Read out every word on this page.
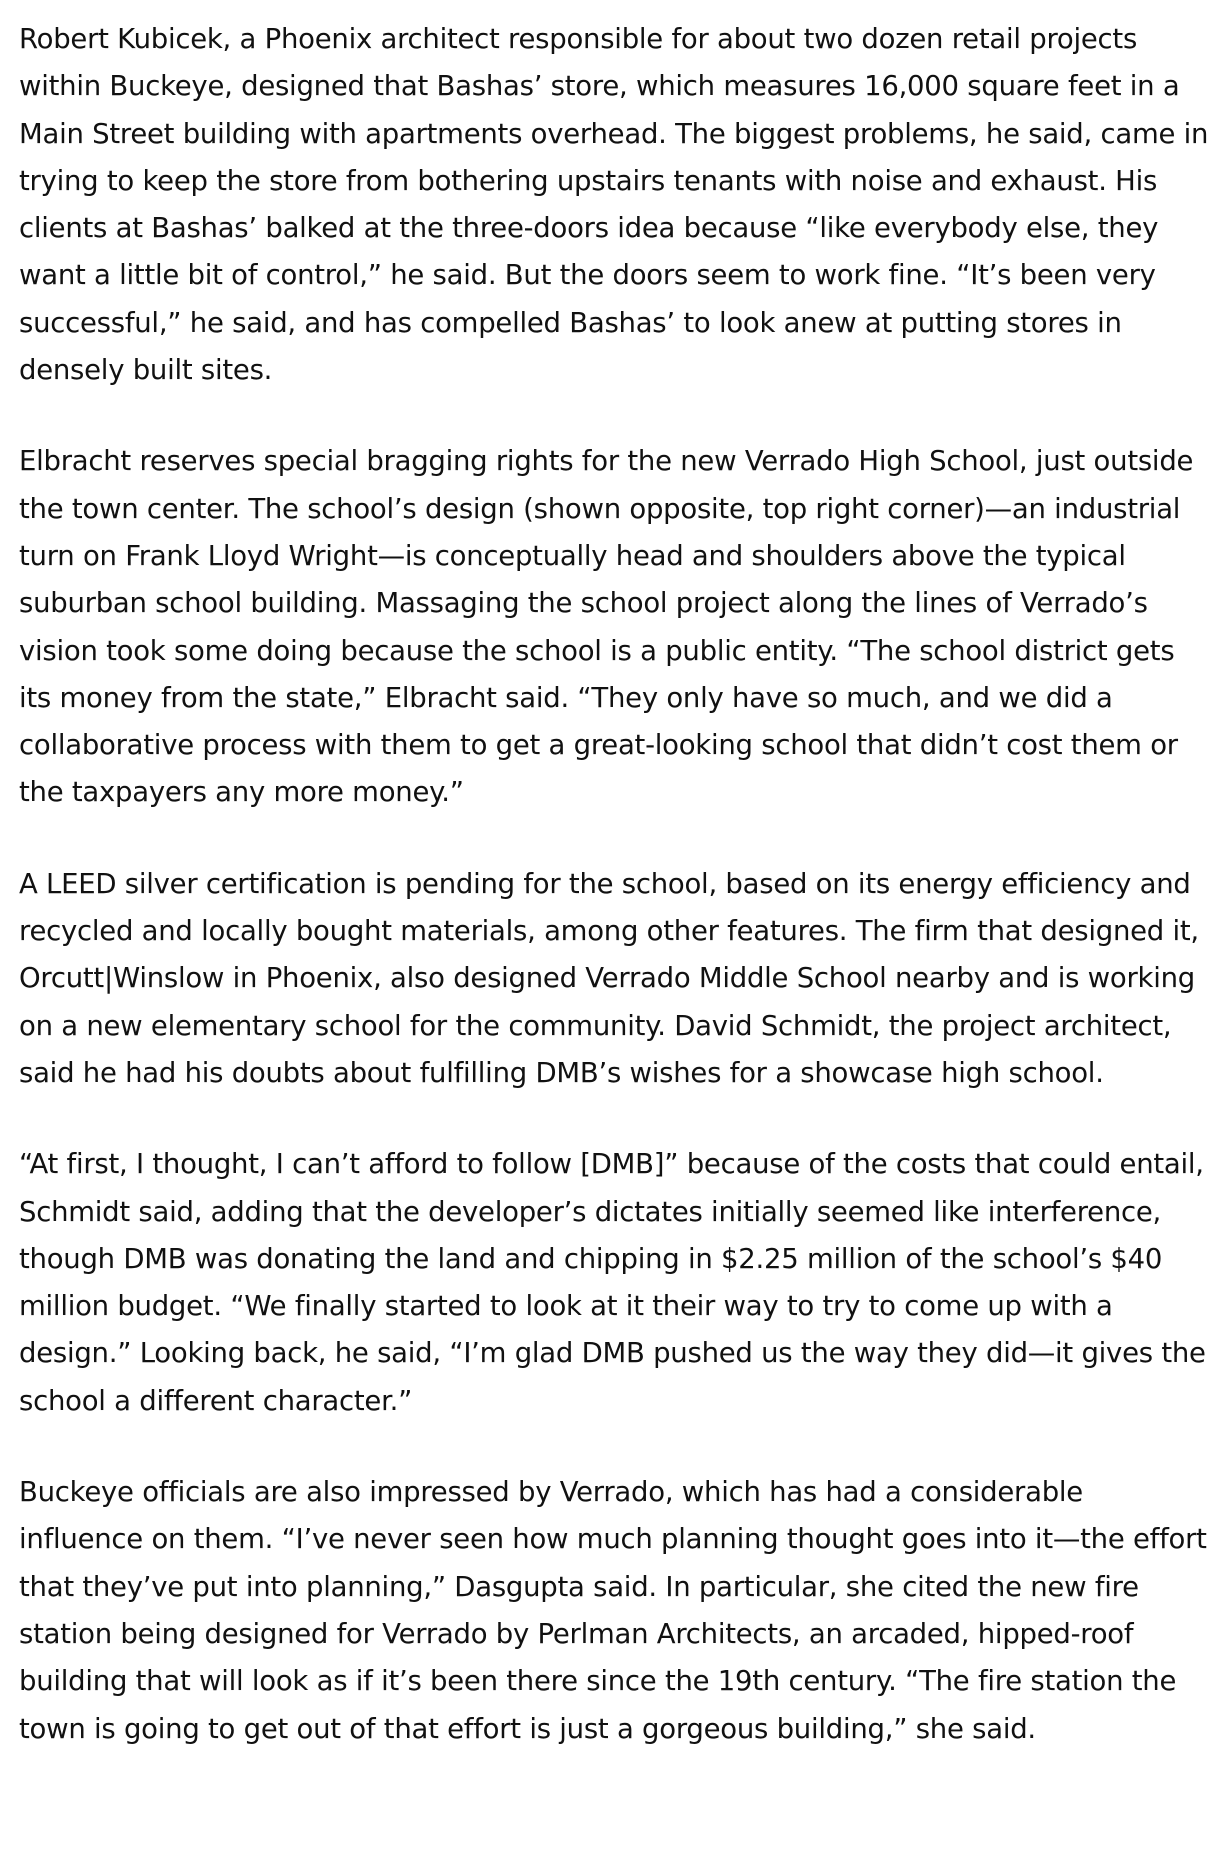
Robert Kubicek, a Phoenix architect responsible for about two dozen retail projects within Buckeye, designed that Bashas’ store, which measures 16,000 square feet in a Main Street building with apartments overhead. The biggest problems, he said, came in trying to keep the store from bothering upstairs tenants with noise and exhaust. His clients at Bashas’ balked at the three-doors idea because “like everybody else, they want a little bit of control,” he said. But the doors seem to work fine. “It’s been very successful,” he said, and has compelled Bashas’ to look anew at putting stores in densely built sites.

Elbracht reserves special bragging rights for the new Verrado High School, just outside the town center. The school’s design (shown opposite, top right corner)—an industrial turn on Frank Lloyd Wright—is conceptually head and shoulders above the typical suburban school building. Massaging the school project along the lines of Verrado’s vision took some doing because the school is a public entity. “The school district gets its money from the state,” Elbracht said. “They only have so much, and we did a collaborative process with them to get a great-looking school that didn’t cost them or the taxpayers any more money.”

A LEED silver certification is pending for the school, based on its energy efficiency and recycled and locally bought materials, among other features. The firm that designed it, Orcutt|Winslow in Phoenix, also designed Verrado Middle School nearby and is working on a new elementary school for the community. David Schmidt, the project architect, said he had his doubts about fulfilling DMB’s wishes for a showcase high school.

“At first, I thought, I can’t afford to follow [DMB]” because of the costs that could entail, Schmidt said, adding that the developer’s dictates initially seemed like interference, though DMB was donating the land and chipping in $2.25 million of the school’s $40 million budget. “We finally started to look at it their way to try to come up with a design.” Looking back, he said, “I’m glad DMB pushed us the way they did—it gives the school a different character.”

Buckeye officials are also impressed by Verrado, which has had a considerable influence on them. “I’ve never seen how much planning thought goes into it—the effort that they’ve put into planning,” Dasgupta said. In particular, she cited the new fire station being designed for Verrado by Perlman Architects, an arcaded, hipped-roof building that will look as if it’s been there since the 19th century. “The fire station the town is going to get out of that effort is just a gorgeous building,” she said.
